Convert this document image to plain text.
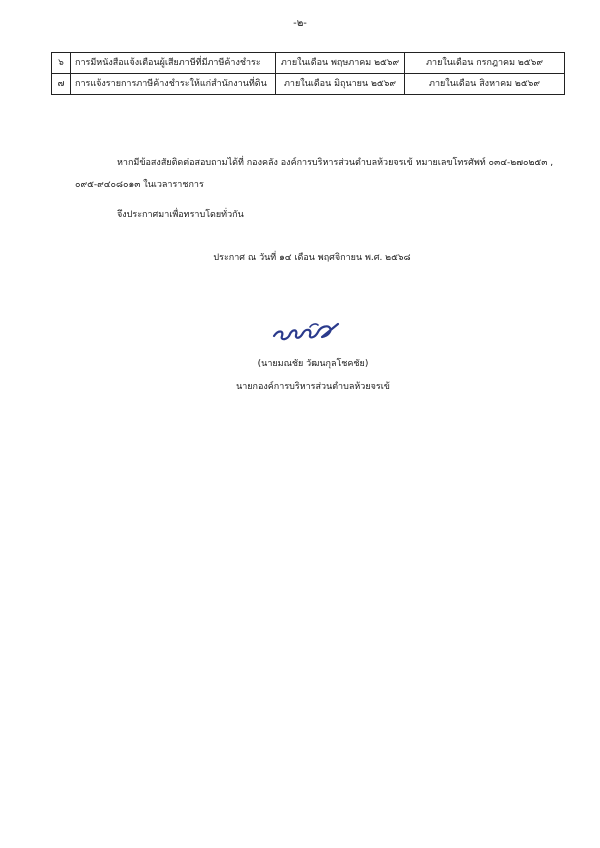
-๒-
๖	การมีหนังสือแจ้งเตือนผู้เสียภาษีที่มีภาษีค้างชำระ	ภายในเดือน พฤษภาคม ๒๕๖๙	ภายในเดือน กรกฎาคม ๒๕๖๙
๗	การแจ้งรายการภาษีค้างชำระให้แก่สำนักงานที่ดิน	ภายในเดือน มิถุนายน ๒๕๖๙	ภายในเดือน สิงหาคม ๒๕๖๙

หากมีข้อสงสัยติดต่อสอบถามได้ที่ กองคลัง องค์การบริหารส่วนตำบลห้วยจรเข้ หมายเลขโทรศัพท์ ๐๓๔-๒๗๐๒๕๓ , ๐๙๕-๙๔๐๘๐๑๓ ในเวลาราชการ

จึงประกาศมาเพื่อทราบโดยทั่วกัน

ประกาศ ณ วันที่ ๑๔ เดือน พฤศจิกายน พ.ศ. ๒๕๖๘

(นายมณชัย วัฒนกุลโชคชัย)

นายกองค์การบริหารส่วนตำบลห้วยจรเข้
